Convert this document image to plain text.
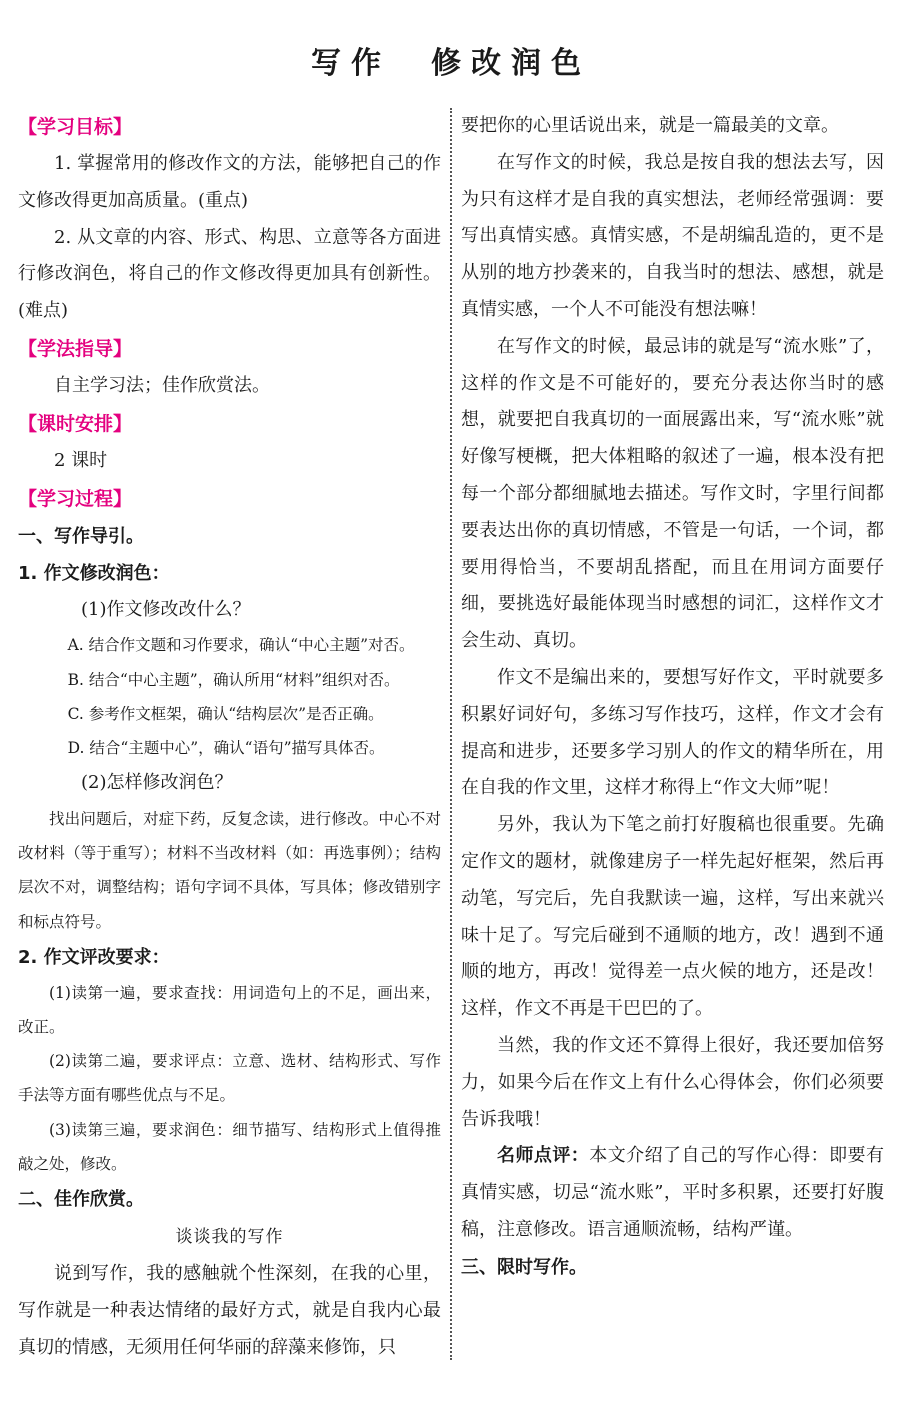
写作　修改润色

【学习目标】

1. 掌握常用的修改作文的方法，能够把自己的作文修改得更加高质量。(重点)

2. 从文章的内容、形式、构思、立意等各方面进行修改润色，将自己的作文修改得更加具有创新性。(难点)

【学法指导】

自主学习法；佳作欣赏法。

【课时安排】

2 课时

【学习过程】

一、写作导引。

1. 作文修改润色：

(1)作文修改改什么？

A. 结合作文题和习作要求，确认“中心主题”对否。

B. 结合“中心主题”，确认所用“材料”组织对否。

C. 参考作文框架，确认“结构层次”是否正确。

D. 结合“主题中心”，确认“语句”描写具体否。

(2)怎样修改润色？

找出问题后，对症下药，反复念读，进行修改。中心不对改材料（等于重写）；材料不当改材料（如：再选事例）；结构层次不对，调整结构；语句字词不具体，写具体；修改错别字和标点符号。

2. 作文评改要求：

(1)读第一遍，要求查找：用词造句上的不足，画出来，改正。

(2)读第二遍，要求评点：立意、选材、结构形式、写作手法等方面有哪些优点与不足。

(3)读第三遍，要求润色：细节描写、结构形式上值得推敲之处，修改。

二、佳作欣赏。

谈谈我的写作

说到写作，我的感触就个性深刻，在我的心里，写作就是一种表达情绪的最好方式，就是自我内心最真切的情感，无须用任何华丽的辞藻来修饰，只

要把你的心里话说出来，就是一篇最美的文章。

在写作文的时候，我总是按自我的想法去写，因为只有这样才是自我的真实想法，老师经常强调：要写出真情实感。真情实感，不是胡编乱造的，更不是从别的地方抄袭来的，自我当时的想法、感想，就是真情实感，一个人不可能没有想法嘛！

在写作文的时候，最忌讳的就是写“流水账”了，这样的作文是不可能好的，要充分表达你当时的感想，就要把自我真切的一面展露出来，写“流水账”就好像写梗概，把大体粗略的叙述了一遍，根本没有把每一个部分都细腻地去描述。写作文时，字里行间都要表达出你的真切情感，不管是一句话，一个词，都要用得恰当，不要胡乱搭配，而且在用词方面要仔细，要挑选好最能体现当时感想的词汇，这样作文才会生动、真切。

作文不是编出来的，要想写好作文，平时就要多积累好词好句，多练习写作技巧，这样，作文才会有提高和进步，还要多学习别人的作文的精华所在，用在自我的作文里，这样才称得上“作文大师”呢！

另外，我认为下笔之前打好腹稿也很重要。先确定作文的题材，就像建房子一样先起好框架，然后再动笔，写完后，先自我默读一遍，这样，写出来就兴味十足了。写完后碰到不通顺的地方，改！遇到不通顺的地方，再改！觉得差一点火候的地方，还是改！这样，作文不再是干巴巴的了。

当然，我的作文还不算得上很好，我还要加倍努力，如果今后在作文上有什么心得体会，你们必须要告诉我哦！

名师点评：本文介绍了自己的写作心得：即要有真情实感，切忌“流水账”，平时多积累，还要打好腹稿，注意修改。语言通顺流畅，结构严谨。

三、限时写作。

57
